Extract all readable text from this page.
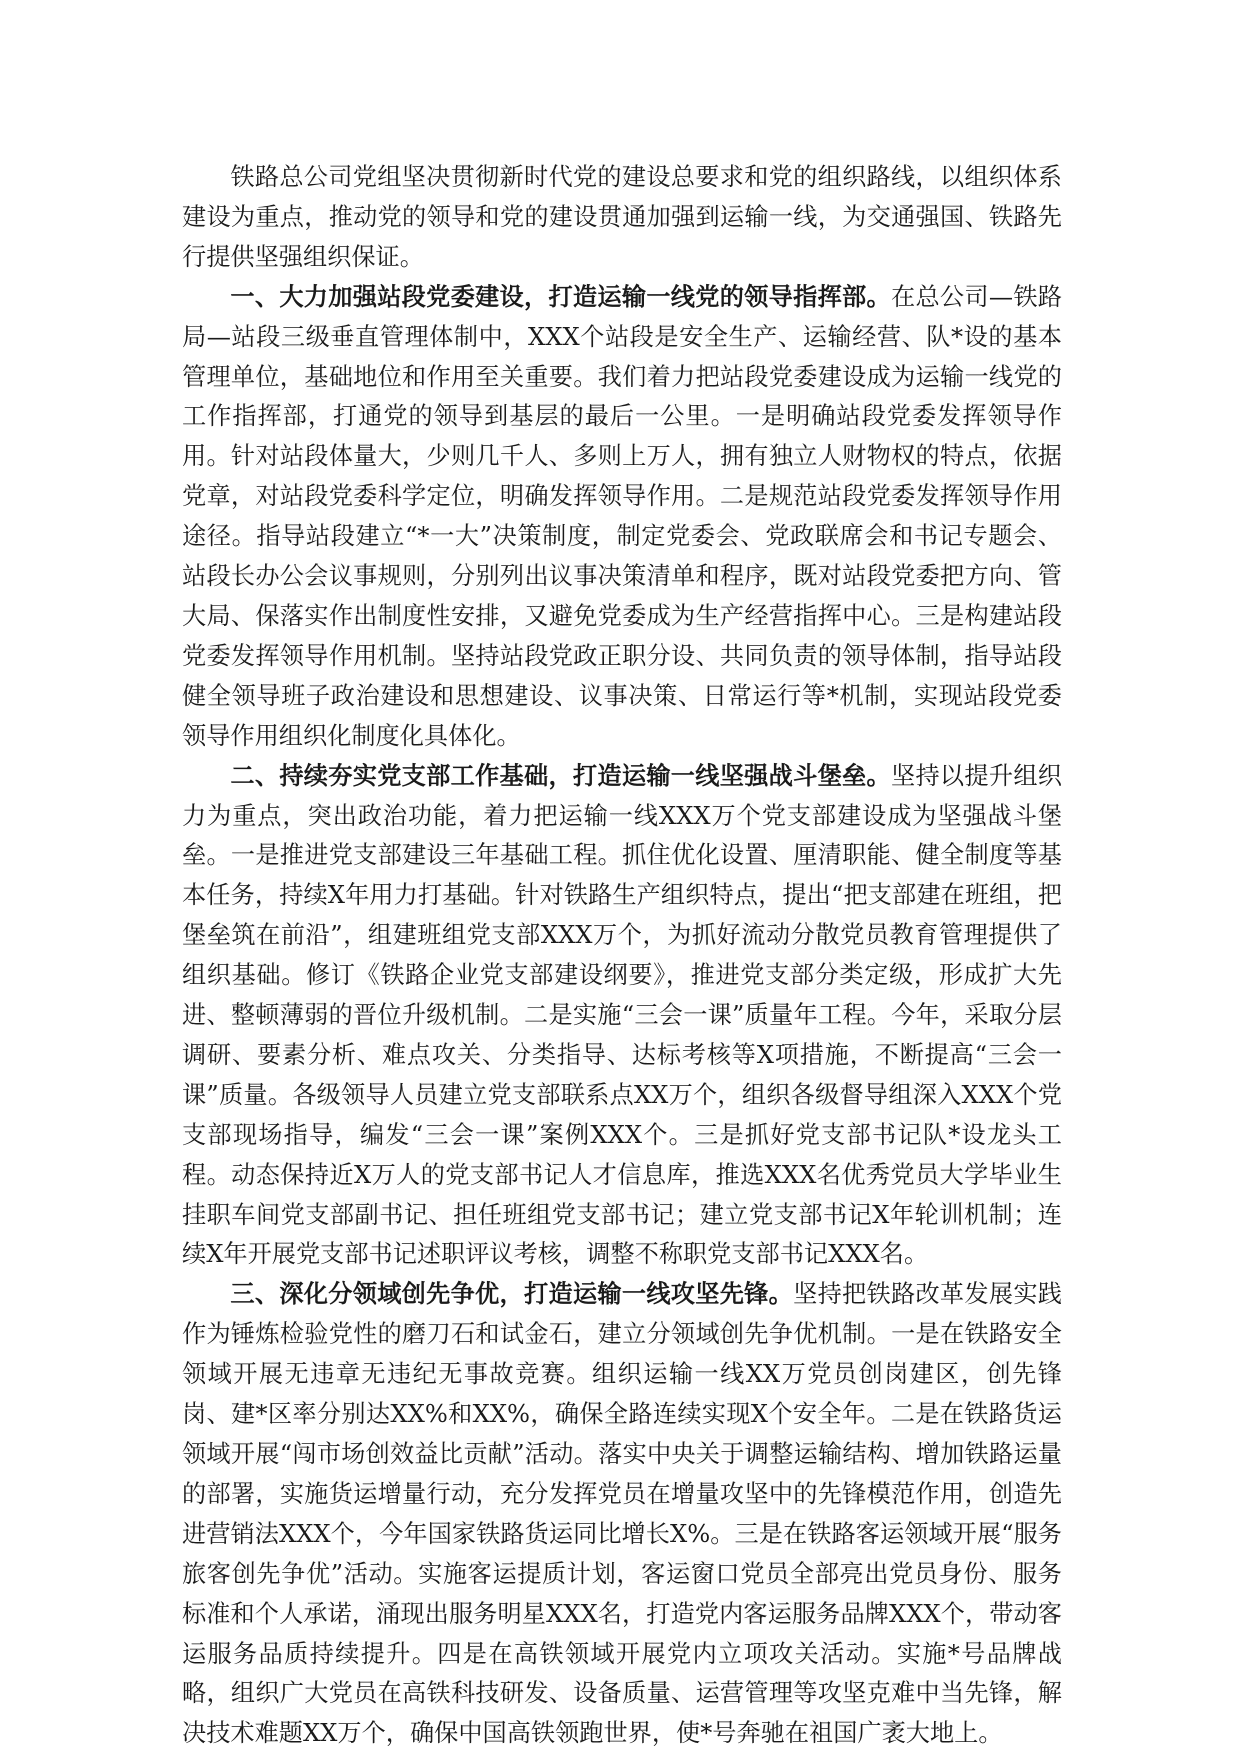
铁路总公司党组坚决贯彻新时代党的建设总要求和党的组织路线，以组织体系建设为重点，推动党的领导和党的建设贯通加强到运输一线，为交通强国、铁路先行提供坚强组织保证。

一、大力加强站段党委建设，打造运输一线党的领导指挥部。在总公司—铁路局—站段三级垂直管理体制中，XXX个站段是安全生产、运输经营、队*设的基本管理单位，基础地位和作用至关重要。我们着力把站段党委建设成为运输一线党的工作指挥部，打通党的领导到基层的最后一公里。一是明确站段党委发挥领导作用。针对站段体量大，少则几千人、多则上万人，拥有独立人财物权的特点，依据党章，对站段党委科学定位，明确发挥领导作用。二是规范站段党委发挥领导作用途径。指导站段建立“*一大”决策制度，制定党委会、党政联席会和书记专题会、站段长办公会议事规则，分别列出议事决策清单和程序，既对站段党委把方向、管大局、保落实作出制度性安排，又避免党委成为生产经营指挥中心。三是构建站段党委发挥领导作用机制。坚持站段党政正职分设、共同负责的领导体制，指导站段健全领导班子政治建设和思想建设、议事决策、日常运行等*机制，实现站段党委领导作用组织化制度化具体化。

二、持续夯实党支部工作基础，打造运输一线坚强战斗堡垒。坚持以提升组织力为重点，突出政治功能，着力把运输一线XXX万个党支部建设成为坚强战斗堡垒。一是推进党支部建设三年基础工程。抓住优化设置、厘清职能、健全制度等基本任务，持续X年用力打基础。针对铁路生产组织特点，提出“把支部建在班组，把堡垒筑在前沿”，组建班组党支部XXX万个，为抓好流动分散党员教育管理提供了组织基础。修订《铁路企业党支部建设纲要》，推进党支部分类定级，形成扩大先进、整顿薄弱的晋位升级机制。二是实施“三会一课”质量年工程。今年，采取分层调研、要素分析、难点攻关、分类指导、达标考核等X项措施，不断提高“三会一课”质量。各级领导人员建立党支部联系点XX万个，组织各级督导组深入XXX个党支部现场指导，编发“三会一课”案例XXX个。三是抓好党支部书记队*设龙头工程。动态保持近X万人的党支部书记人才信息库，推选XXX名优秀党员大学毕业生挂职车间党支部副书记、担任班组党支部书记；建立党支部书记X年轮训机制；连续X年开展党支部书记述职评议考核，调整不称职党支部书记XXX名。

三、深化分领域创先争优，打造运输一线攻坚先锋。坚持把铁路改革发展实践作为锤炼检验党性的磨刀石和试金石，建立分领域创先争优机制。一是在铁路安全领域开展无违章无违纪无事故竞赛。组织运输一线XX万党员创岗建区，创先锋岗、建*区率分别达XX%和XX%，确保全路连续实现X个安全年。二是在铁路货运领域开展“闯市场创效益比贡献”活动。落实中央关于调整运输结构、增加铁路运量的部署，实施货运增量行动，充分发挥党员在增量攻坚中的先锋模范作用，创造先进营销法XXX个，今年国家铁路货运同比增长X%。三是在铁路客运领域开展“服务旅客创先争优”活动。实施客运提质计划，客运窗口党员全部亮出党员身份、服务标准和个人承诺，涌现出服务明星XXX名，打造党内客运服务品牌XXX个，带动客运服务品质持续提升。四是在高铁领域开展党内立项攻关活动。实施*号品牌战略，组织广大党员在高铁科技研发、设备质量、运营管理等攻坚克难中当先锋，解决技术难题XX万个，确保中国高铁领跑世界，使*号奔驰在祖国广袤大地上。
